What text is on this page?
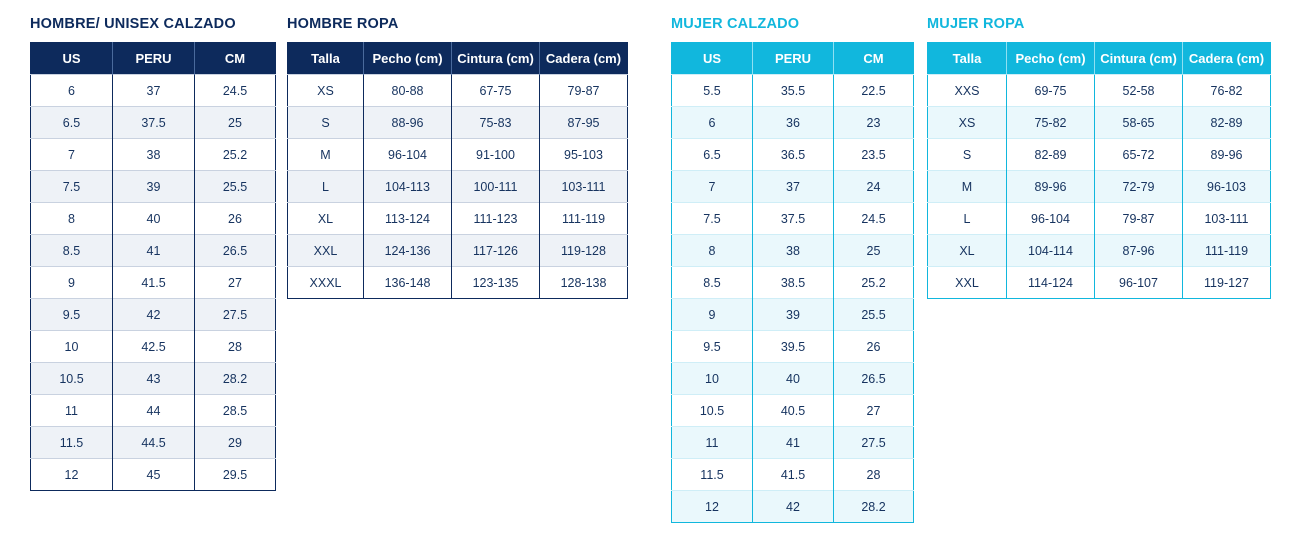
HOMBRE/ UNISEX CALZADO
US	PERU	CM
6	37	24.5
6.5	37.5	25
7	38	25.2
7.5	39	25.5
8	40	26
8.5	41	26.5
9	41.5	27
9.5	42	27.5
10	42.5	28
10.5	43	28.2
11	44	28.5
11.5	44.5	29
12	45	29.5
HOMBRE ROPA
Talla	Pecho (cm)	Cintura (cm)	Cadera (cm)
XS	80-88	67-75	79-87
S	88-96	75-83	87-95
M	96-104	91-100	95-103
L	104-113	100-111	103-111
XL	113-124	111-123	111-119
XXL	124-136	117-126	119-128
XXXL	136-148	123-135	128-138
MUJER CALZADO
US	PERU	CM
5.5	35.5	22.5
6	36	23
6.5	36.5	23.5
7	37	24
7.5	37.5	24.5
8	38	25
8.5	38.5	25.2
9	39	25.5
9.5	39.5	26
10	40	26.5
10.5	40.5	27
11	41	27.5
11.5	41.5	28
12	42	28.2
MUJER ROPA
Talla	Pecho (cm)	Cintura (cm)	Cadera (cm)
XXS	69-75	52-58	76-82
XS	75-82	58-65	82-89
S	82-89	65-72	89-96
M	89-96	72-79	96-103
L	96-104	79-87	103-111
XL	104-114	87-96	111-119
XXL	114-124	96-107	119-127
